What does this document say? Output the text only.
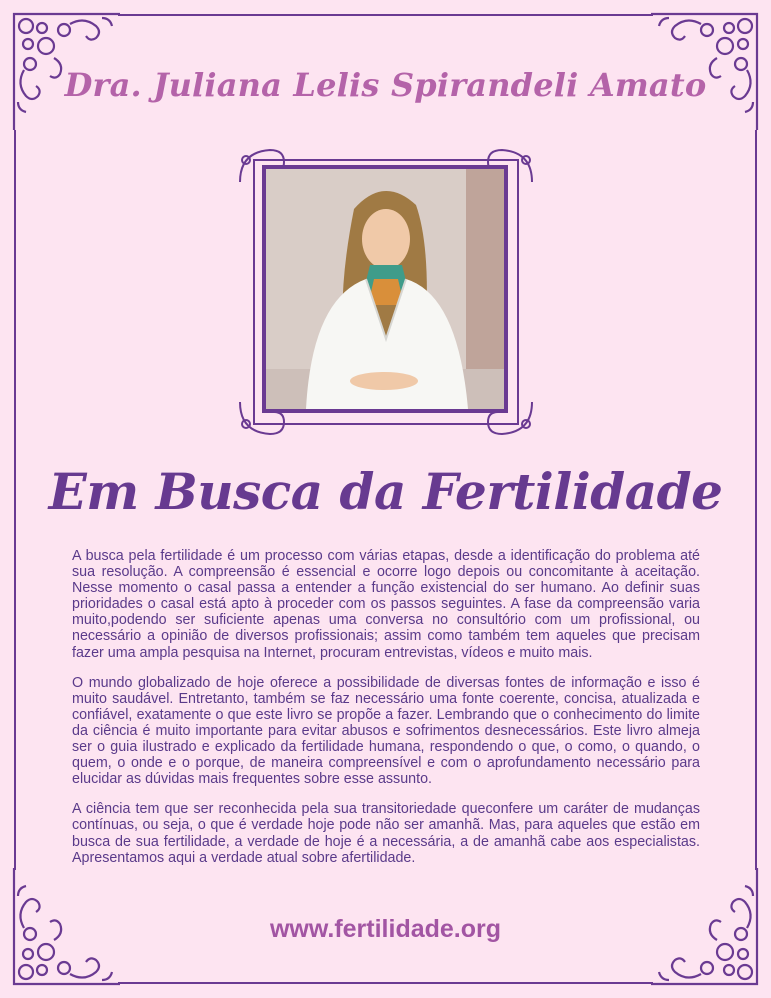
Dra. Juliana Lelis Spirandeli Amato
Em Busca da Fertilidade

A busca pela fertilidade é um processo com várias etapas, desde a identificação do problema até sua resolução. A compreensão é essencial e ocorre logo depois ou concomitante à aceitação. Nesse momento o casal passa a entender a função existencial do ser humano. Ao definir suas prioridades o casal está apto à proceder com os passos seguintes. A fase da compreensão varia muito,podendo ser suficiente apenas uma conversa no consultório com um profissional, ou necessário a opinião de diversos profissionais; assim como também tem aqueles que precisam fazer uma ampla pesquisa na Internet, procuram entrevistas, vídeos e muito mais.

O mundo globalizado de hoje oferece a possibilidade de diversas fontes de informação e isso é muito saudável. Entretanto, também se faz necessário uma fonte coerente, concisa, atualizada e confiável, exatamente o que este livro se propõe a fazer. Lembrando que o conhecimento do limite da ciência é muito importante para evitar abusos e sofrimentos desnecessários. Este livro almeja ser o guia ilustrado e explicado da fertilidade humana, respondendo o que, o como, o quando, o quem, o onde e o porque, de maneira compreensível e com o aprofundamento necessário para elucidar as dúvidas mais frequentes sobre esse assunto.

A ciência tem que ser reconhecida pela sua transitoriedade queconfere um caráter de mudanças contínuas, ou seja, o que é verdade hoje pode não ser amanhã. Mas, para aqueles que estão em busca de sua fertilidade, a verdade de hoje é a necessária, a de amanhã cabe aos especialistas. Apresentamos aqui a verdade atual sobre afertilidade.

www.fertilidade.org
